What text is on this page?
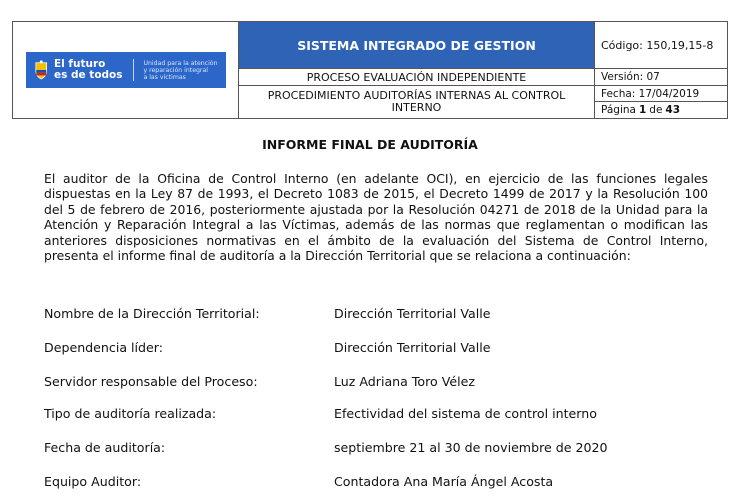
El futuro
es de todos
Unidad para la atención
y reparación integral
a las víctimas
SISTEMA INTEGRADO DE GESTION	Código: 150,19,15-8
PROCESO EVALUACIÓN INDEPENDIENTE	Versión: 07
PROCEDIMIENTO AUDITORÍAS INTERNAS AL CONTROL INTERNO
Fecha: 17/04/2019
Página 1 de 43
INFORME FINAL DE AUDITORÍA
El auditor de la Oficina de Control Interno (en adelante OCI), en ejercicio de las funciones legales dispuestas en la Ley 87 de 1993, el Decreto 1083 de 2015, el Decreto 1499 de 2017 y la Resolución 100 del 5 de febrero de 2016, posteriormente ajustada por la Resolución 04271 de 2018 de la Unidad para la Atención y Reparación Integral a las Víctimas, además de las normas que reglamentan o modifican las anteriores disposiciones normativas en el ámbito de la evaluación del Sistema de Control Interno, presenta el informe final de auditoría a la Dirección Territorial que se relaciona a continuación:
Nombre de la Dirección Territorial:	Dirección Territorial Valle
Dependencia líder:	Dirección Territorial Valle
Servidor responsable del Proceso:	Luz Adriana Toro Vélez
Tipo de auditoría realizada:	Efectividad del sistema de control interno
Fecha de auditoría:	septiembre 21 al 30 de noviembre de 2020
Equipo Auditor:	Contadora Ana María Ángel Acosta
